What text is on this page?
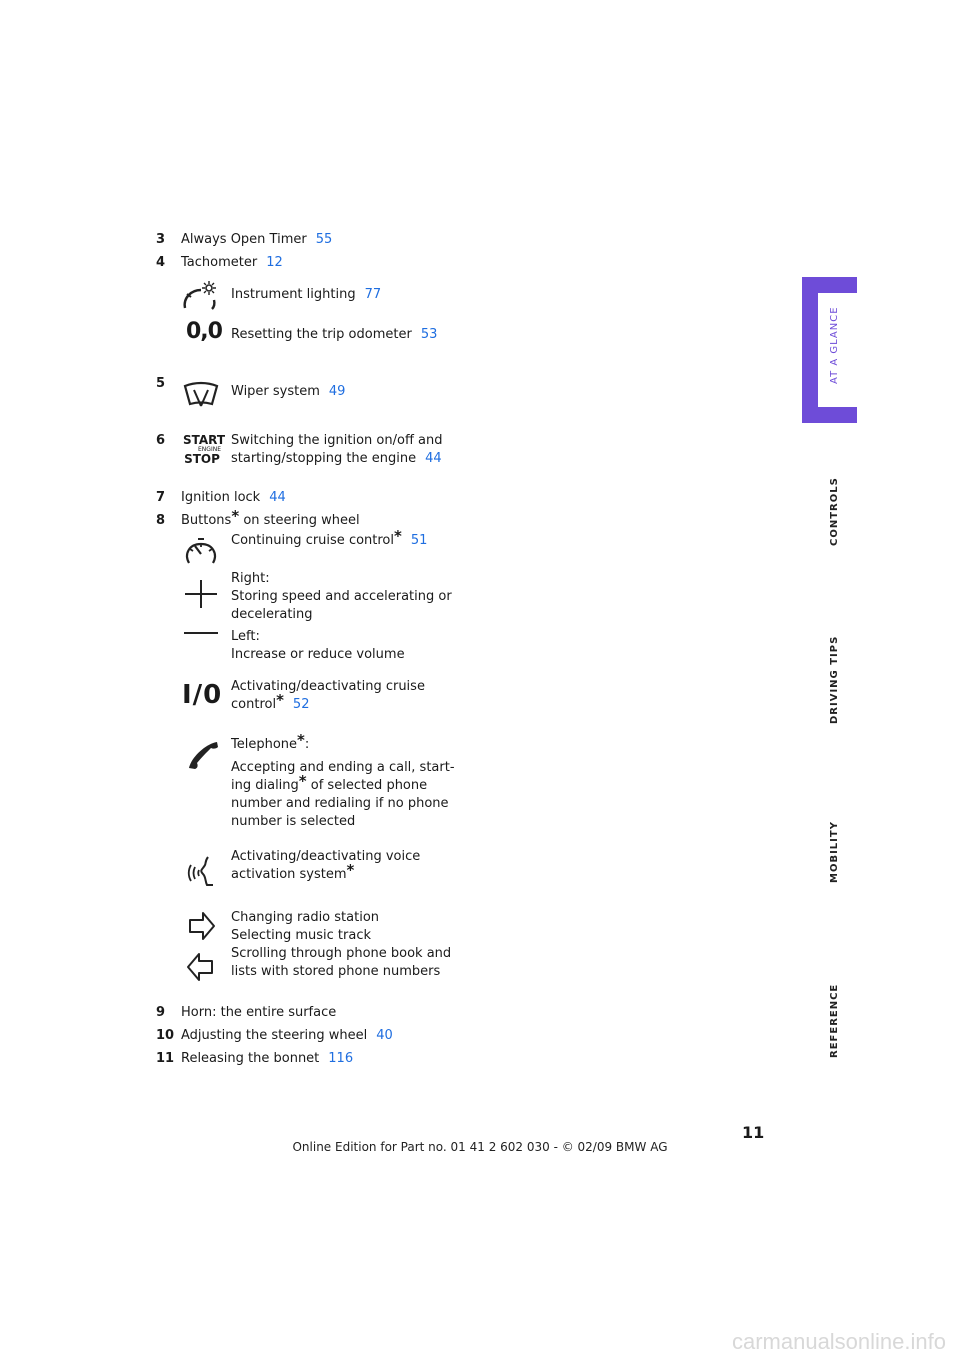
3 Always Open Timer 55
4 Tachometer 12
Instrument lighting 77
0,0 Resetting the trip odometer 53
5
Wiper system 49
6 START
ENGINE
STOP
Switching the ignition on/off and
starting/stopping the engine 44
7 Ignition lock 44
8 Buttons* on steering wheel
Continuing cruise control* 51
Right:
Storing speed and accelerating or
decelerating
Left:
Increase or reduce volume
I/0 Activating/deactivating cruise
control* 52
Telephone*:
Accepting and ending a call, start-
ing dialing* of selected phone
number and redialing if no phone
number is selected
Activating/deactivating voice
activation system*
Changing radio station
Selecting music track
Scrolling through phone book and
lists with stored phone numbers
9 Horn: the entire surface
10 Adjusting the steering wheel 40
11 Releasing the bonnet 116
AT A GLANCE
CONTROLS
DRIVING TIPS
MOBILITY
REFERENCE
11
Online Edition for Part no. 01 41 2 602 030 - © 02/09 BMW AG
carmanualsonline.info
